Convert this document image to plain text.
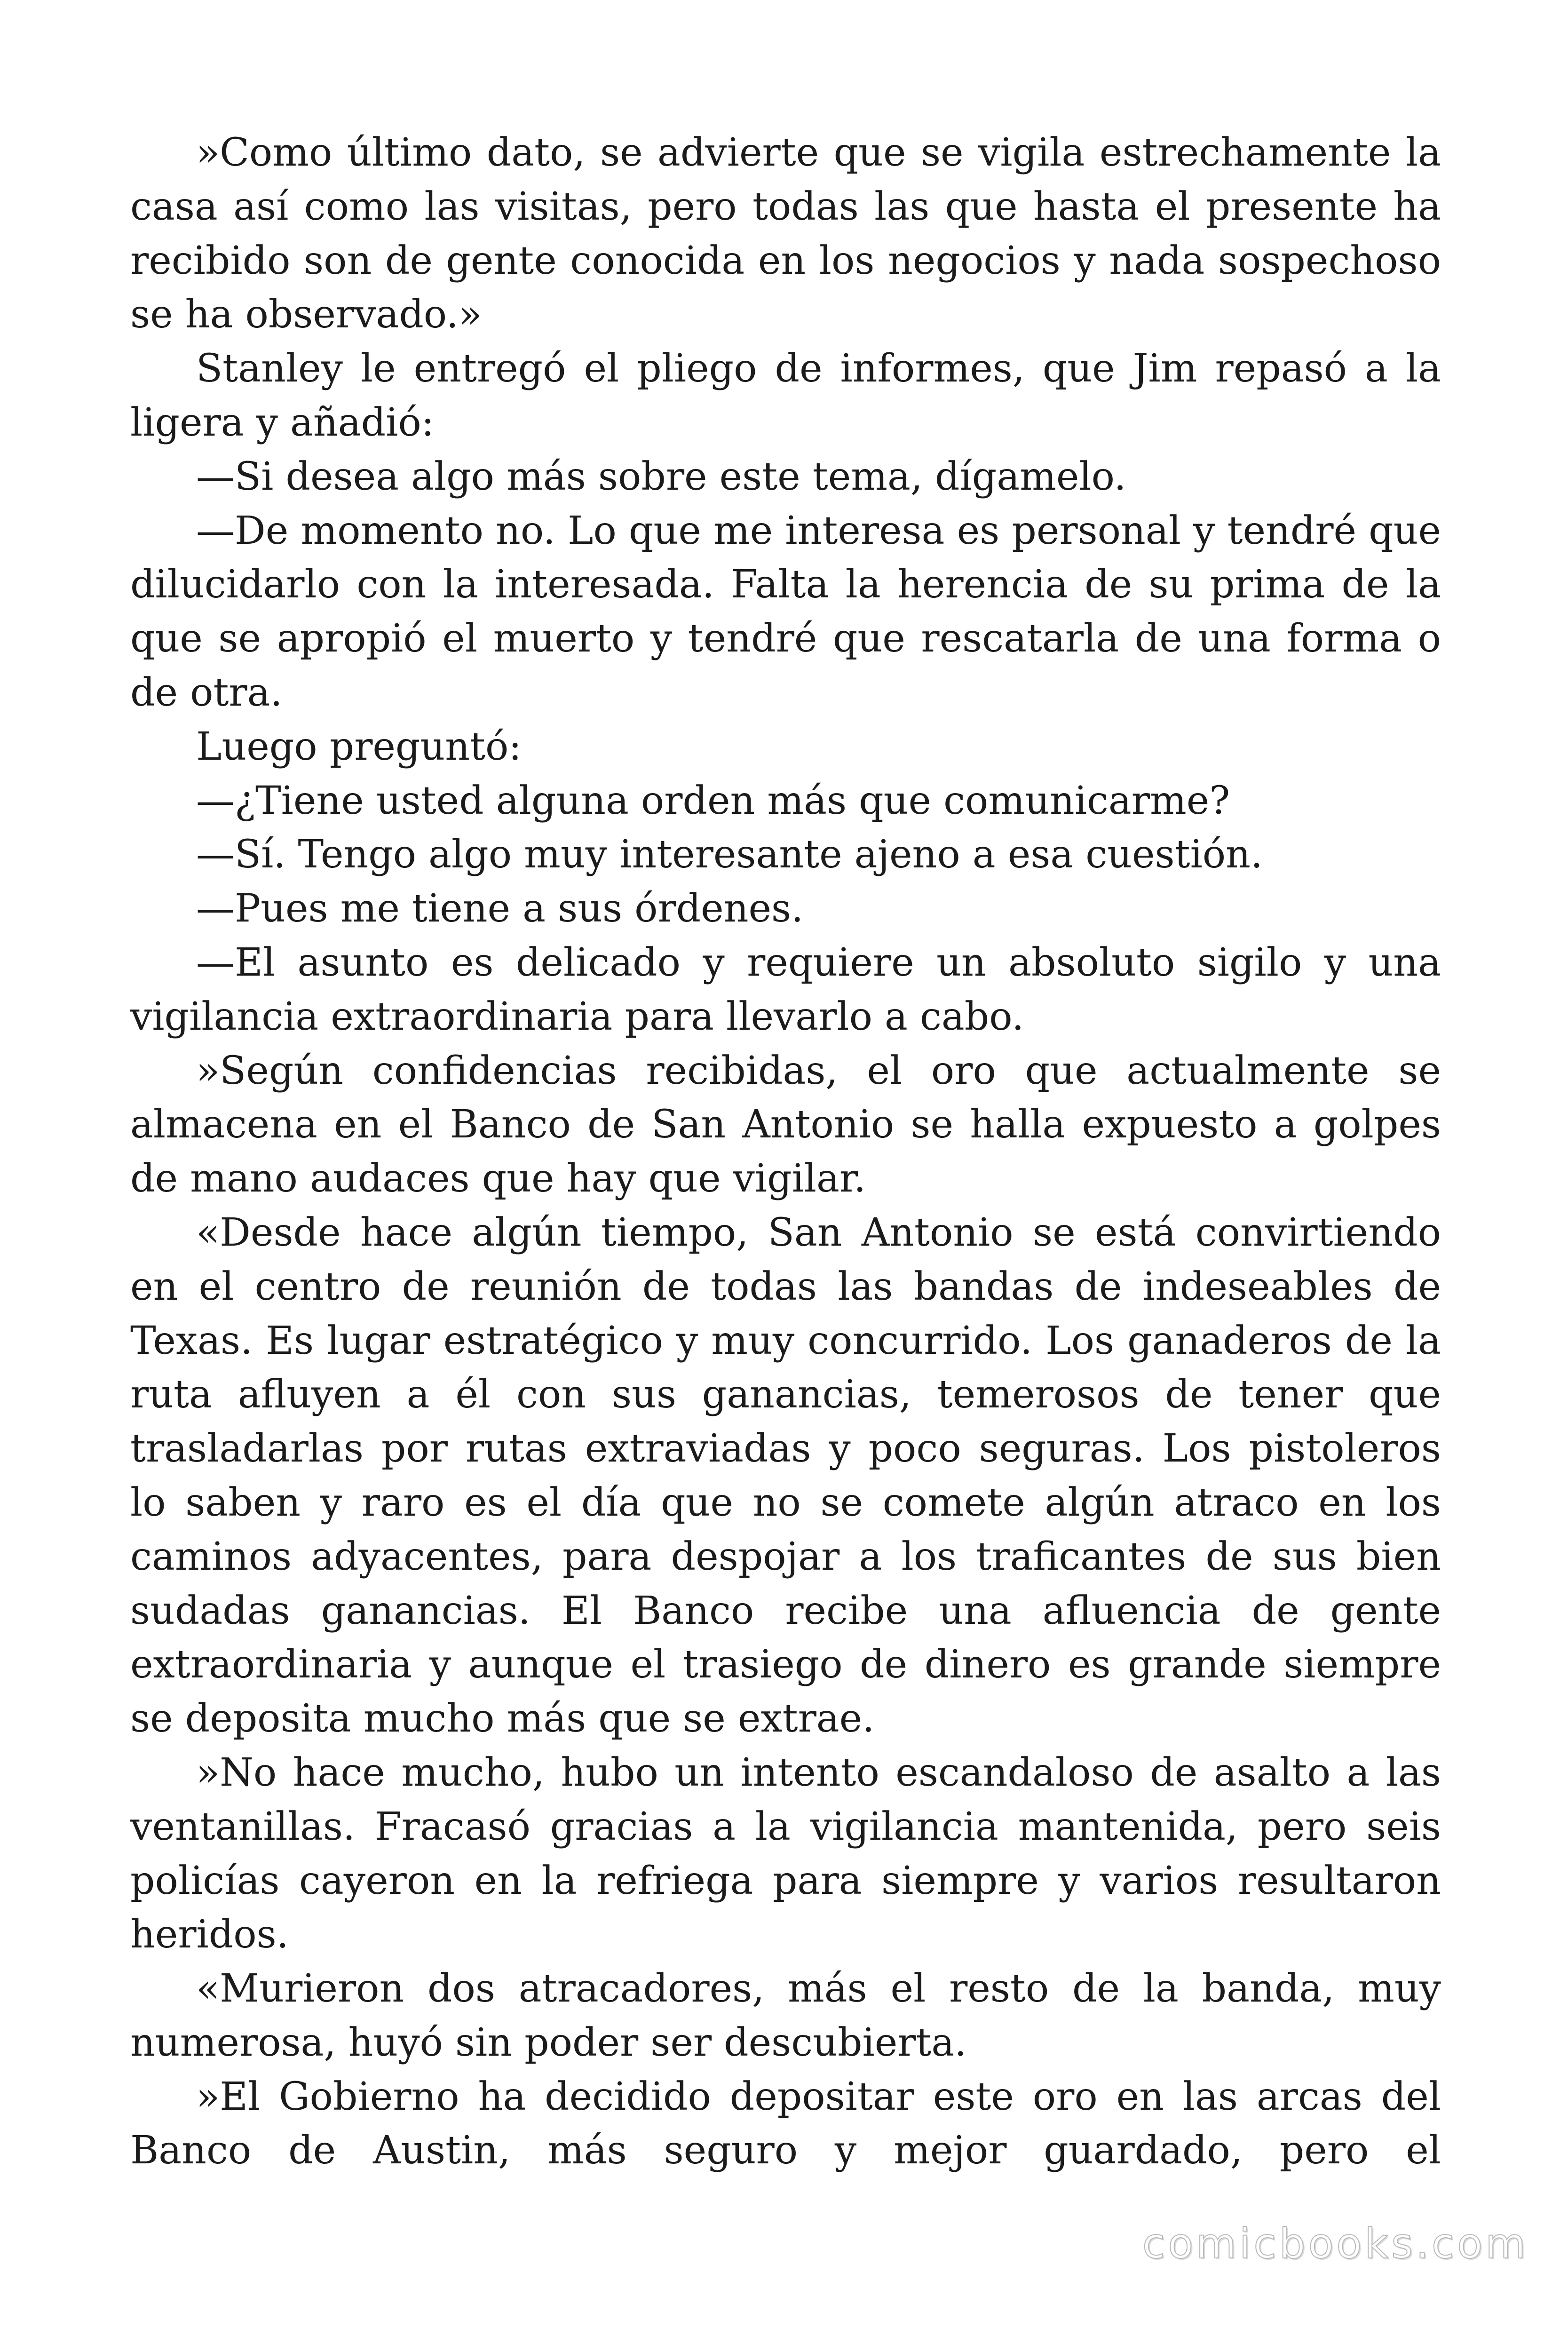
»Como último dato, se advierte que se vigila estrechamente la casa así como las visitas, pero todas las que hasta el presente ha recibido son de gente conocida en los negocios y nada sospechoso se ha observado.»

Stanley le entregó el pliego de informes, que Jim repasó a la ligera y añadió:

—Si desea algo más sobre este tema, dígamelo.

—De momento no. Lo que me interesa es personal y tendré que dilucidarlo con la interesada. Falta la herencia de su prima de la que se apropió el muerto y tendré que rescatarla de una forma o de otra.

Luego preguntó:

—¿Tiene usted alguna orden más que comunicarme?

—Sí. Tengo algo muy interesante ajeno a esa cuestión.

—Pues me tiene a sus órdenes.

—El asunto es delicado y requiere un absoluto sigilo y una vigilancia extraordinaria para llevarlo a cabo.

»Según confidencias recibidas, el oro que actualmente se almacena en el Banco de San Antonio se halla expuesto a golpes de mano audaces que hay que vigilar.

«Desde hace algún tiempo, San Antonio se está convirtiendo en el centro de reunión de todas las bandas de indeseables de Texas. Es lugar estratégico y muy concurrido. Los ganaderos de la ruta afluyen a él con sus ganancias, temerosos de tener que trasladarlas por rutas extraviadas y poco seguras. Los pistoleros lo saben y raro es el día que no se comete algún atraco en los caminos adyacentes, para despojar a los traficantes de sus bien sudadas ganancias. El Banco recibe una afluencia de gente extraordinaria y aunque el trasiego de dinero es grande siempre se deposita mucho más que se extrae.

»No hace mucho, hubo un intento escandaloso de asalto a las ventanillas. Fracasó gracias a la vigilancia mantenida, pero seis policías cayeron en la refriega para siempre y varios resultaron heridos.

«Murieron dos atracadores, más el resto de la banda, muy numerosa, huyó sin poder ser descubierta.

»El Gobierno ha decidido depositar este oro en las arcas del Banco de Austin, más seguro y mejor guardado, pero el

comicbooks.com
